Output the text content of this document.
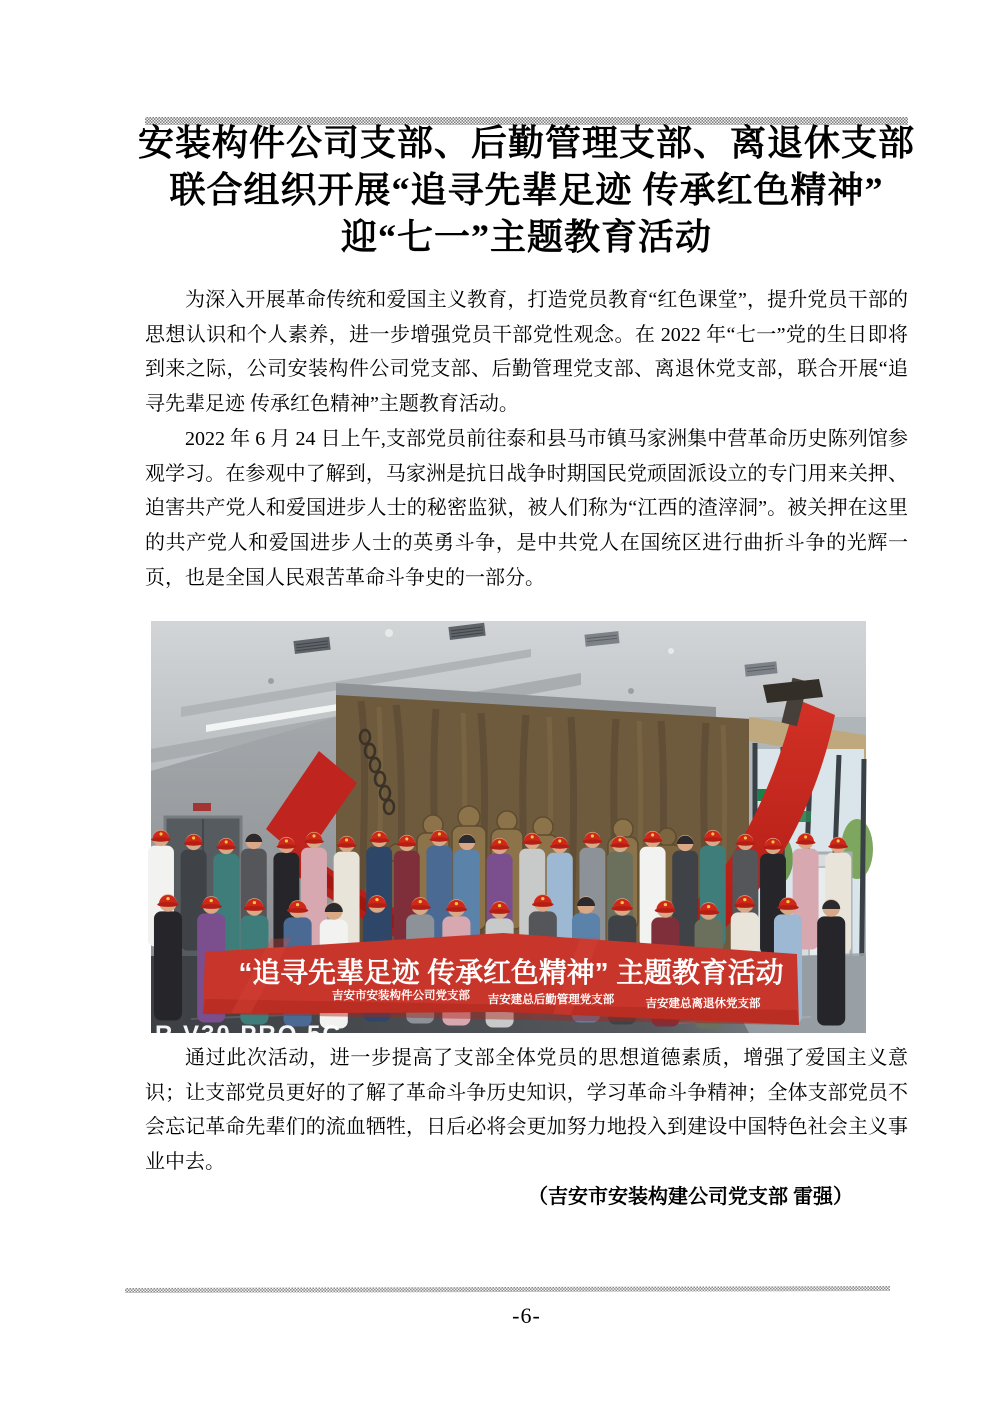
安装构件公司支部、后勤管理支部、离退休支部
联合组织开展“追寻先辈足迹 传承红色精神”
迎“七一”主题教育活动

为深入开展革命传统和爱国主义教育，打造党员教育“红色课堂”，提升党员干部的思想认识和个人素养，进一步增强党员干部党性观念。在 2022 年“七一”党的生日即将到来之际，公司安装构件公司党支部、后勤管理党支部、离退休党支部，联合开展“追寻先辈足迹 传承红色精神”主题教育活动。

2022 年 6 月 24 日上午,支部党员前往泰和县马市镇马家洲集中营革命历史陈列馆参观学习。在参观中了解到，马家洲是抗日战争时期国民党顽固派设立的专门用来关押、迫害共产党人和爱国进步人士的秘密监狱，被人们称为“江西的渣滓洞”。被关押在这里的共产党人和爱国进步人士的英勇斗争，是中共党人在国统区进行曲折斗争的光辉一页，也是全国人民艰苦革命斗争史的一部分。

“追寻先辈足迹 传承红色精神” 主题教育活动
吉安市安装构件公司党支部 吉安建总后勤管理党支部	吉安建总离退休党支部
R V30 PRO 5G

通过此次活动，进一步提高了支部全体党员的思想道德素质，增强了爱国主义意识；让支部党员更好的了解了革命斗争历史知识，学习革命斗争精神；全体支部党员不会忘记革命先辈们的流血牺牲，日后必将会更加努力地投入到建设中国特色社会主义事业中去。

（吉安市安装构建公司党支部 雷强）

-6-
